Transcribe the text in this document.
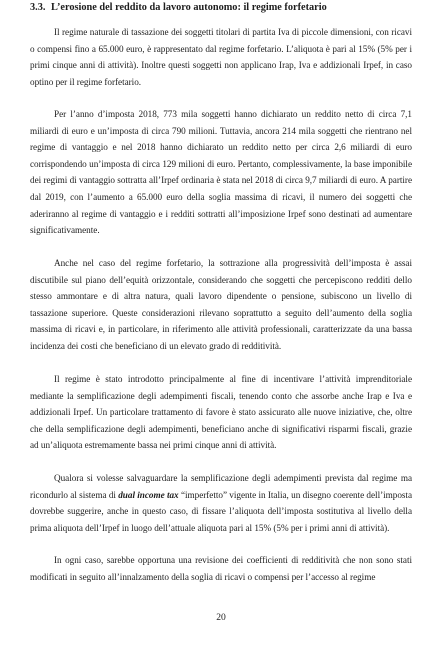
3.3. L’erosione del reddito da lavoro autonomo: il regime forfetario

Il regime naturale di tassazione dei soggetti titolari di partita Iva di piccole dimensioni, con ricavi o compensi fino a 65.000 euro, è rappresentato dal regime forfetario. L’aliquota è pari al 15% (5% per i primi cinque anni di attività). Inoltre questi soggetti non applicano Irap, Iva e addizionali Irpef, in caso optino per il regime forfetario.

Per l’anno d’imposta 2018, 773 mila soggetti hanno dichiarato un reddito netto di circa 7,1 miliardi di euro e un’imposta di circa 790 milioni. Tuttavia, ancora 214 mila soggetti che rientrano nel regime di vantaggio e nel 2018 hanno dichiarato un reddito netto per circa 2,6 miliardi di euro corrispondendo un’imposta di circa 129 milioni di euro. Pertanto, complessivamente, la base imponibile dei regimi di vantaggio sottratta all’Irpef ordinaria è stata nel 2018 di circa 9,7 miliardi di euro. A partire dal 2019, con l’aumento a 65.000 euro della soglia massima di ricavi, il numero dei soggetti che aderiranno al regime di vantaggio e i redditi sottratti all’imposizione Irpef sono destinati ad aumentare significativamente.

Anche nel caso del regime forfetario, la sottrazione alla progressività dell’imposta è assai discutibile sul piano dell’equità orizzontale, considerando che soggetti che percepiscono redditi dello stesso ammontare e di altra natura, quali lavoro dipendente o pensione, subiscono un livello di tassazione superiore. Queste considerazioni rilevano soprattutto a seguito dell’aumento della soglia massima di ricavi e, in particolare, in riferimento alle attività professionali, caratterizzate da una bassa incidenza dei costi che beneficiano di un elevato grado di redditività.

Il regime è stato introdotto principalmente al fine di incentivare l’attività imprenditoriale mediante la semplificazione degli adempimenti fiscali, tenendo conto che assorbe anche Irap e Iva e addizionali Irpef. Un particolare trattamento di favore è stato assicurato alle nuove iniziative, che, oltre che della semplificazione degli adempimenti, beneficiano anche di significativi risparmi fiscali, grazie ad un’aliquota estremamente bassa nei primi cinque anni di attività.

Qualora si volesse salvaguardare la semplificazione degli adempimenti prevista dal regime ma ricondurlo al sistema di dual income tax “imperfetto” vigente in Italia, un disegno coerente dell’imposta dovrebbe suggerire, anche in questo caso, di fissare l’aliquota dell’imposta sostitutiva al livello della prima aliquota dell’Irpef in luogo dell’attuale aliquota pari al 15% (5% per i primi anni di attività).

In ogni caso, sarebbe opportuna una revisione dei coefficienti di redditività che non sono stati modificati in seguito all’innalzamento della soglia di ricavi o compensi per l’accesso al regime

20
